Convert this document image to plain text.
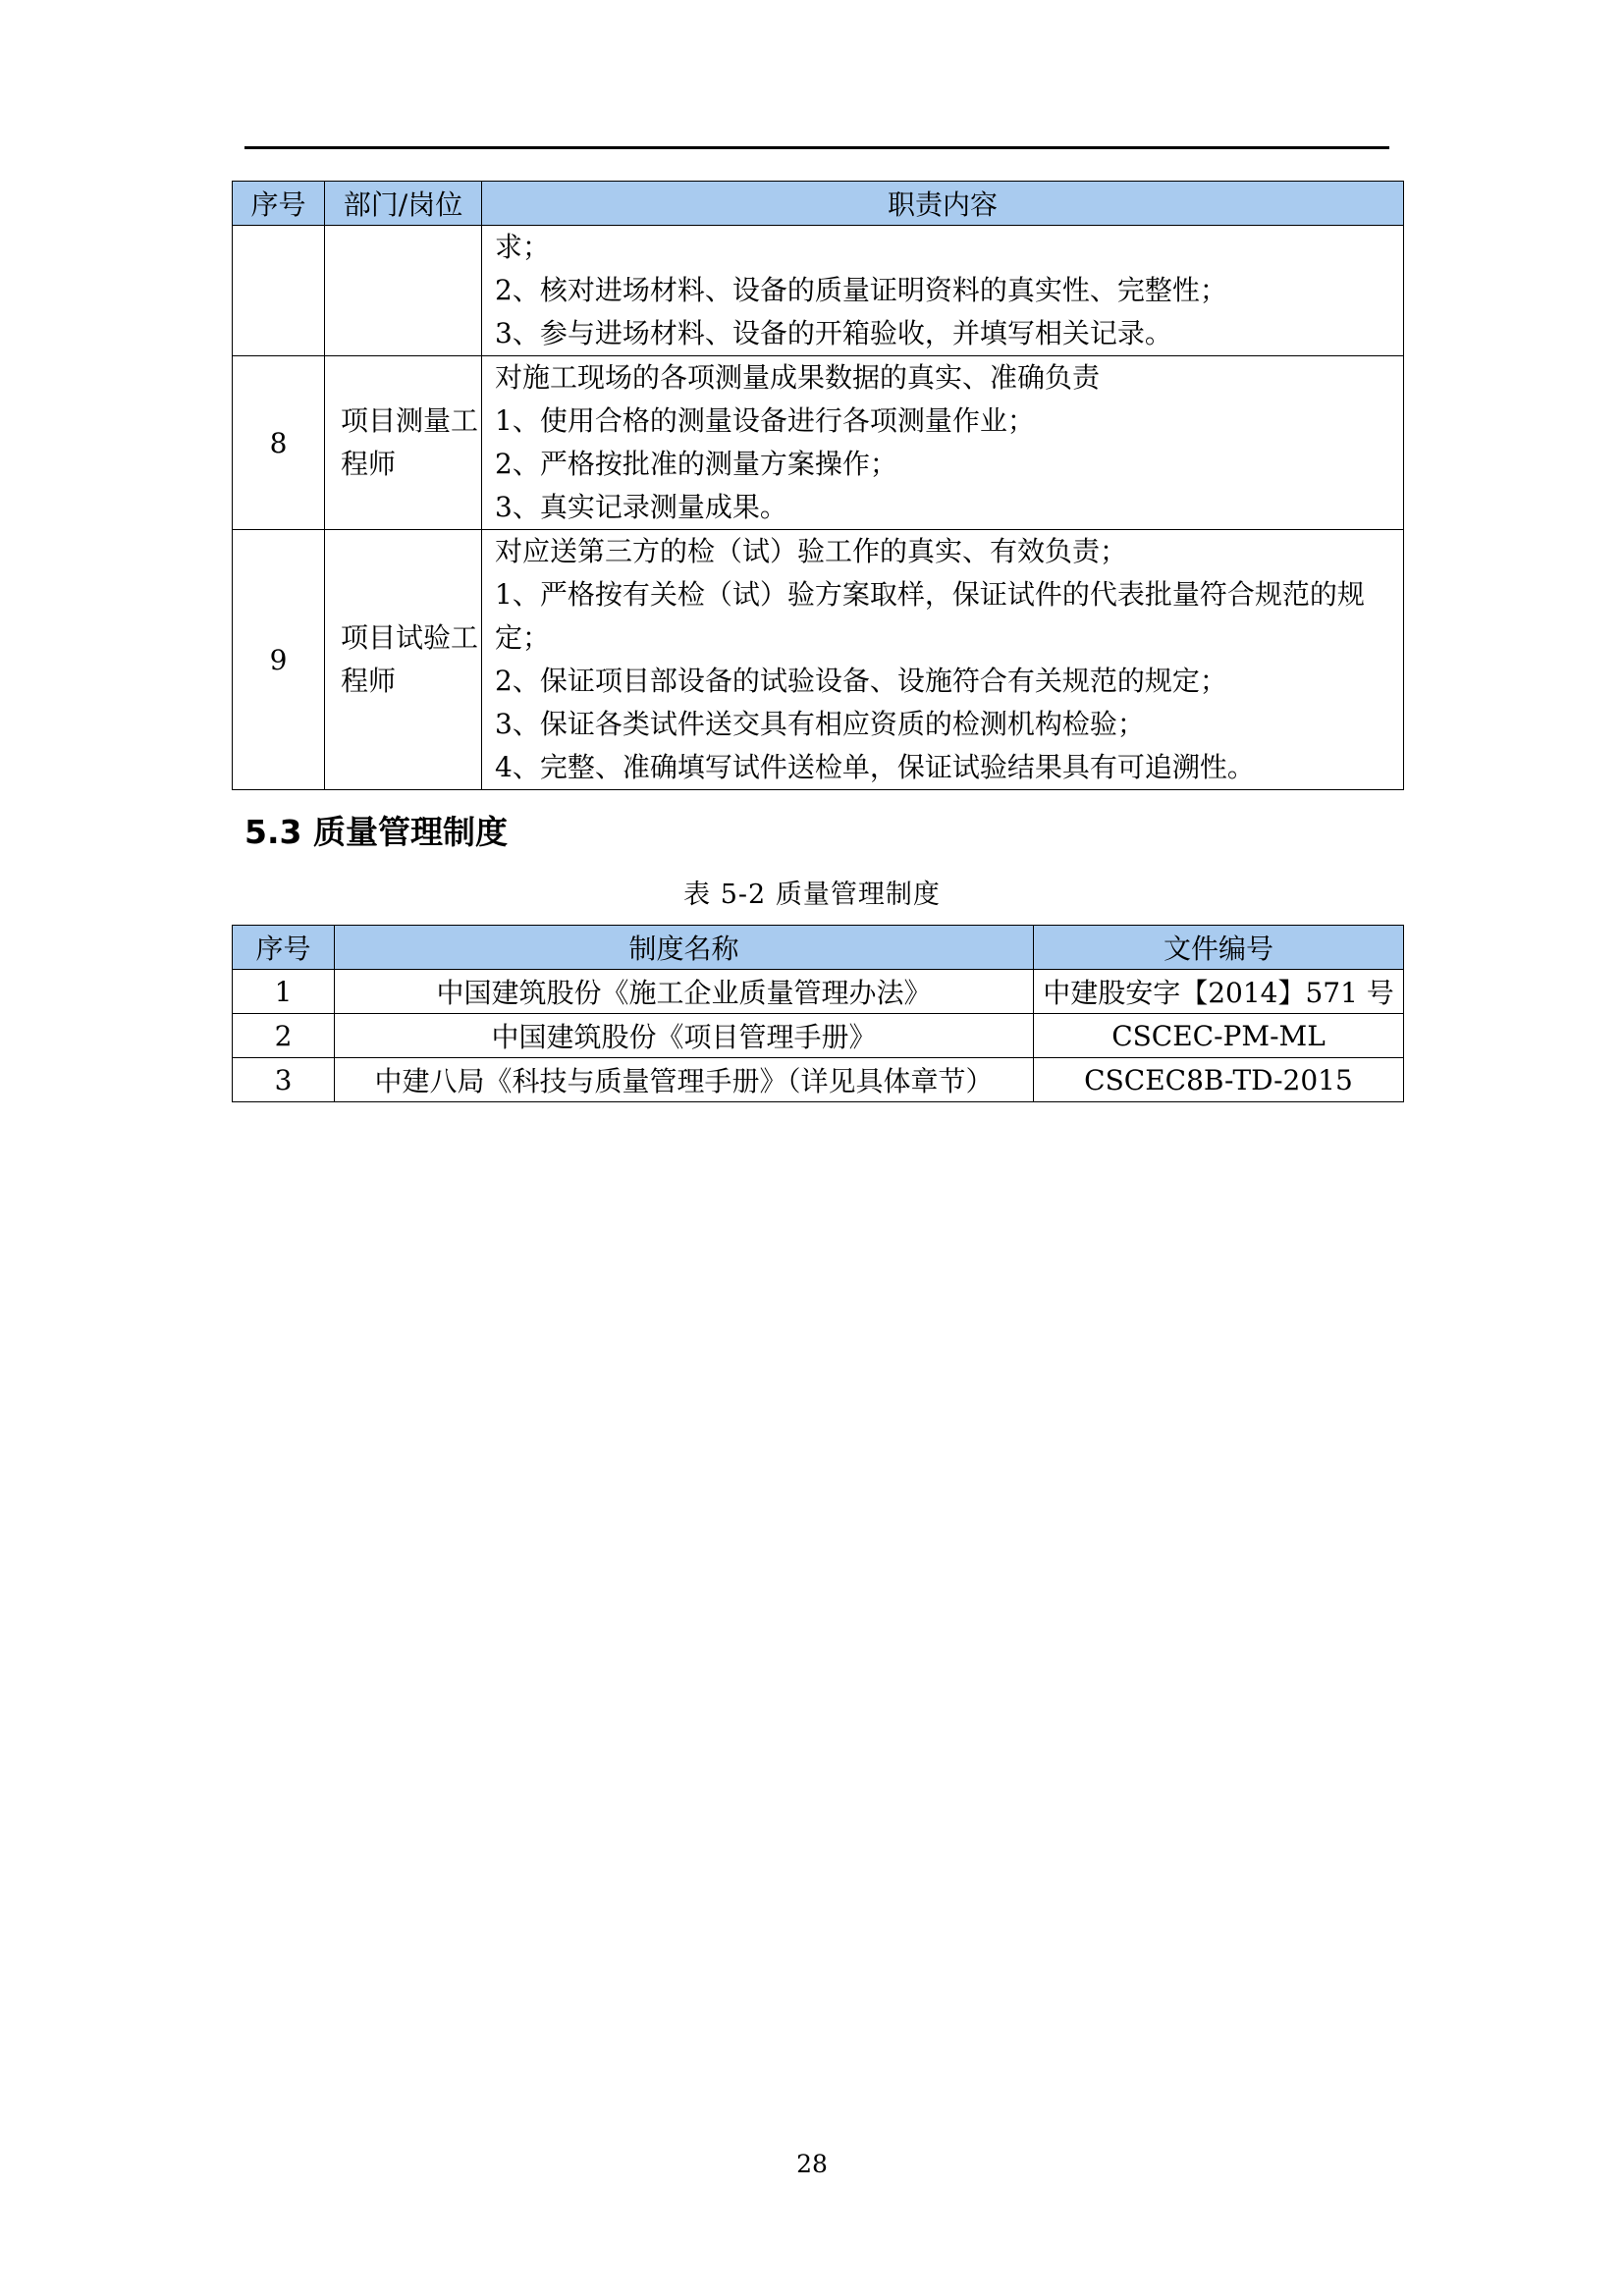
序号	部门/岗位	职责内容

		求；
2、核对进场材料、设备的质量证明资料的真实性、完整性；
3、参与进场材料、设备的开箱验收，并填写相关记录。

8	项目测量工程师	对施工现场的各项测量成果数据的真实、准确负责
1、使用合格的测量设备进行各项测量作业；
2、严格按批准的测量方案操作；
3、真实记录测量成果。

9	项目试验工程师	对应送第三方的检（试）验工作的真实、有效负责；
1、严格按有关检（试）验方案取样，保证试件的代表批量符合规范的规定；
2、保证项目部设备的试验设备、设施符合有关规范的规定；
3、保证各类试件送交具有相应资质的检测机构检验；
4、完整、准确填写试件送检单，保证试验结果具有可追溯性。
5.3 质量管理制度
表 5-2 质量管理制度
序号	制度名称	文件编号
1	中国建筑股份《施工企业质量管理办法》	中建股安字【2014】571 号
2	中国建筑股份《项目管理手册》	CSCEC-PM-ML
3	中建八局《科技与质量管理手册》（详见具体章节）	CSCEC8B-TD-2015
28
